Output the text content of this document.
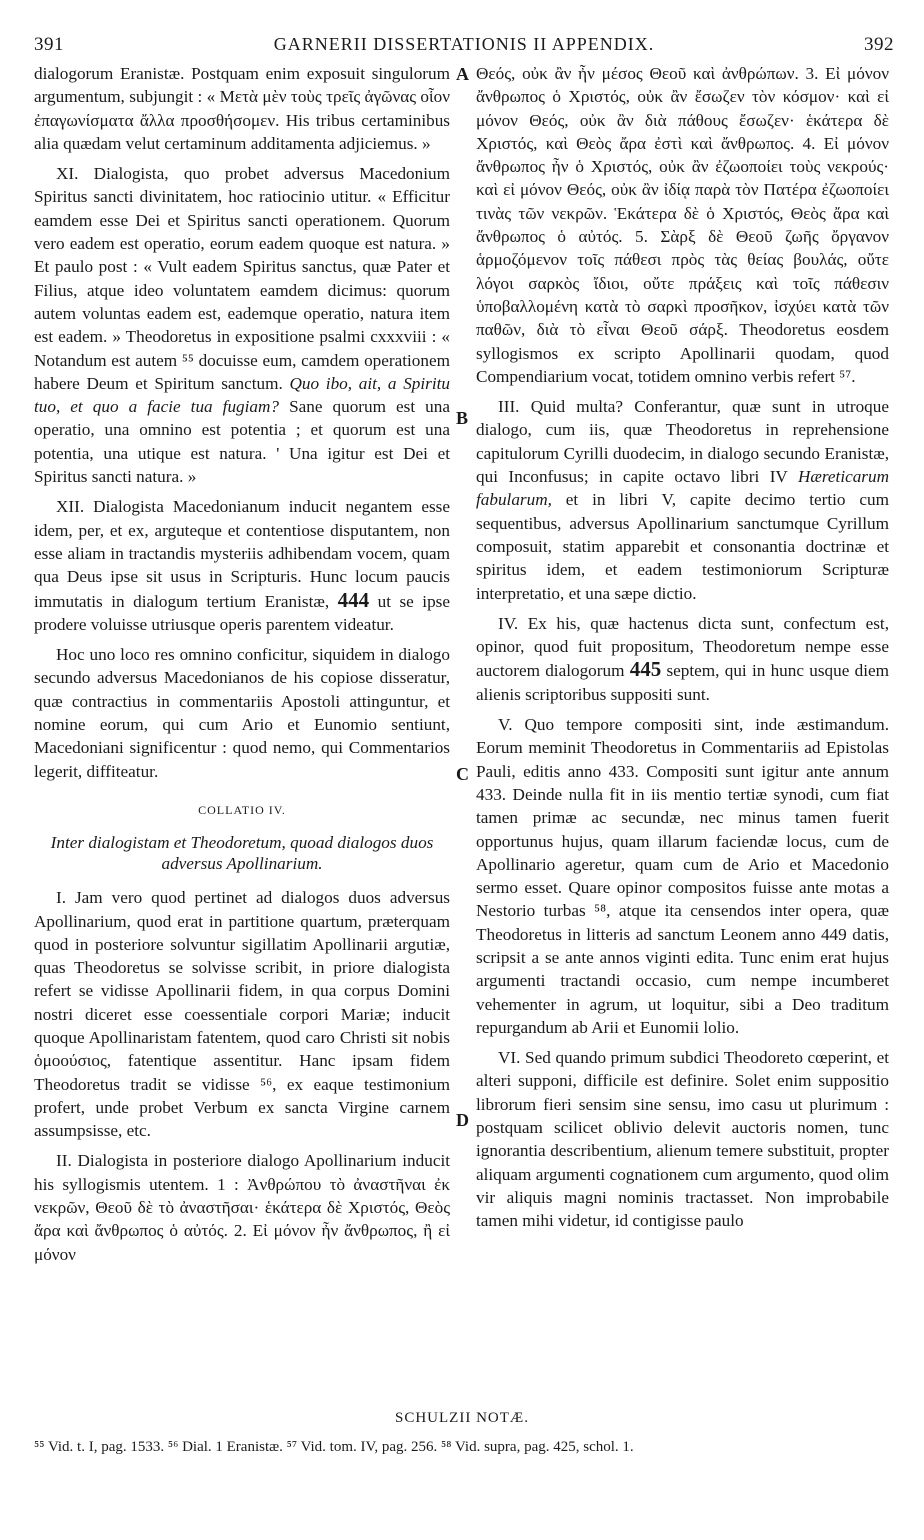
391	GARNERII DISSERTATIONIS II APPENDIX.	392
A
B
C
D

dialogorum Eranistæ. Postquam enim exposuit singulorum argumentum, subjungit : « Μετὰ μὲν τοὺς τρεῖς ἀγῶνας οἷον ἐπαγωνίσματα ἄλλα προσθήσομεν. His tribus certaminibus alia quædam velut certaminum additamenta adjiciemus. »

XI. Dialogista, quo probet adversus Macedonium Spiritus sancti divinitatem, hoc ratiocinio utitur. « Efficitur eamdem esse Dei et Spiritus sancti operationem. Quorum vero eadem est operatio, eorum eadem quoque est natura. » Et paulo post : « Vult eadem Spiritus sanctus, quæ Pater et Filius, atque ideo voluntatem eamdem dicimus: quorum autem voluntas eadem est, eademque operatio, natura item est eadem. » Theodoretus in expositione psalmi cxxxviii : « Notandum est autem ⁵⁵ docuisse eum, camdem operationem habere Deum et Spiritum sanctum. Quo ibo, ait, a Spiritu tuo, et quo a facie tua fugiam? Sane quorum est una operatio, una omnino est potentia ; et quorum est una potentia, una utique est natura. ' Una igitur est Dei et Spiritus sancti natura. »

XII. Dialogista Macedonianum inducit negantem esse idem, per, et ex, arguteque et contentiose disputantem, non esse aliam in tractandis mysteriis adhibendam vocem, quam qua Deus ipse sit usus in Scripturis. Hunc locum paucis immutatis in dialogum tertium Eranistæ, 444 ut se ipse prodere voluisse utriusque operis parentem videatur.

Hoc uno loco res omnino conficitur, siquidem in dialogo secundo adversus Macedonianos de his copiose disseratur, quæ contractius in commentariis Apostoli attinguntur, et nomine eorum, qui cum Ario et Eunomio sentiunt, Macedoniani significentur : quod nemo, qui Commentarios legerit, diffiteatur.

COLLATIO IV.
Inter dialogistam et Theodoretum, quoad dialogos duos adversus Apollinarium.

I. Jam vero quod pertinet ad dialogos duos adversus Apollinarium, quod erat in partitione quartum, præterquam quod in posteriore solvuntur sigillatim Apollinarii argutiæ, quas Theodoretus se solvisse scribit, in priore dialogista refert se vidisse Apollinarii fidem, in qua corpus Domini nostri diceret esse coessentiale corpori Mariæ; inducit quoque Apollinaristam fatentem, quod caro Christi sit nobis ὁμοούσιος, fatentique assentitur. Hanc ipsam fidem Theodoretus tradit se vidisse ⁵⁶, ex eaque testimonium profert, unde probet Verbum ex sancta Virgine carnem assumpsisse, etc.

II. Dialogista in posteriore dialogo Apollinarium inducit his syllogismis utentem. 1 : Ἀνθρώπου τὸ ἀναστῆναι ἐκ νεκρῶν, Θεοῦ δὲ τὸ ἀναστῆσαι· ἑκάτερα δὲ Χριστός, Θεὸς ἄρα καὶ ἄνθρωπος ὁ αὐτός. 2. Εἰ μόνον ἦν ἄνθρωπος, ἢ εἰ μόνον

Θεός, οὐκ ἂν ἦν μέσος Θεοῦ καὶ ἀνθρώπων. 3. Εἰ μόνον ἄνθρωπος ὁ Χριστός, οὐκ ἂν ἔσωζεν τὸν κόσμον· καὶ εἰ μόνον Θεός, οὐκ ἂν διὰ πάθους ἔσωζεν· ἑκάτερα δὲ Χριστός, καὶ Θεὸς ἄρα ἐστὶ καὶ ἄνθρωπος. 4. Εἰ μόνον ἄνθρωπος ἦν ὁ Χριστός, οὐκ ἂν ἐζωοποίει τοὺς νεκρούς· καὶ εἰ μόνον Θεός, οὐκ ἂν ἰδίᾳ παρὰ τὸν Πατέρα ἐζωοποίει τινὰς τῶν νεκρῶν. Ἑκάτερα δὲ ὁ Χριστός, Θεὸς ἄρα καὶ ἄνθρωπος ὁ αὐτός. 5. Σὰρξ δὲ Θεοῦ ζωῆς ὄργανον ἁρμοζόμενον τοῖς πάθεσι πρὸς τὰς θείας βουλάς, οὔτε λόγοι σαρκὸς ἴδιοι, οὔτε πράξεις καὶ τοῖς πάθεσιν ὑποβαλλομένη κατὰ τὸ σαρκὶ προσῆκον, ἰσχύει κατὰ τῶν παθῶν, διὰ τὸ εἶναι Θεοῦ σάρξ. Theodoretus eosdem syllogismos ex scripto Apollinarii quodam, quod Compendiarium vocat, totidem omnino verbis refert ⁵⁷.

III. Quid multa? Conferantur, quæ sunt in utroque dialogo, cum iis, quæ Theodoretus in reprehensione capitulorum Cyrilli duodecim, in dialogo secundo Eranistæ, qui Inconfusus; in capite octavo libri IV Hæreticarum fabularum, et in libri V, capite decimo tertio cum sequentibus, adversus Apollinarium sanctumque Cyrillum composuit, statim apparebit et consonantia doctrinæ et spiritus idem, et eadem testimoniorum Scripturæ interpretatio, et una sæpe dictio.

IV. Ex his, quæ hactenus dicta sunt, confectum est, opinor, quod fuit propositum, Theodoretum nempe esse auctorem dialogorum 445 septem, qui in hunc usque diem alienis scriptoribus suppositi sunt.

V. Quo tempore compositi sint, inde æstimandum. Eorum meminit Theodoretus in Commentariis ad Epistolas Pauli, editis anno 433. Compositi sunt igitur ante annum 433. Deinde nulla fit in iis mentio tertiæ synodi, cum fiat tamen primæ ac secundæ, nec minus tamen fuerit opportunus hujus, quam illarum faciendæ locus, cum de Apollinario ageretur, quam cum de Ario et Macedonio sermo esset. Quare opinor compositos fuisse ante motas a Nestorio turbas ⁵⁸, atque ita censendos inter opera, quæ Theodoretus in litteris ad sanctum Leonem anno 449 datis, scripsit a se ante annos viginti edita. Tunc enim erat hujus argumenti tractandi occasio, cum nempe incumberet vehementer in agrum, ut loquitur, sibi a Deo traditum repurgandum ab Arii et Eunomii lolio.

VI. Sed quando primum subdici Theodoreto cœperint, et alteri supponi, difficile est definire. Solet enim suppositio librorum fieri sensim sine sensu, imo casu ut plurimum : postquam scilicet oblivio delevit auctoris nomen, tunc ignorantia describentium, alienum temere substituit, propter aliquam argumenti cognationem cum argumento, quod olim vir aliquis magni nominis tractasset. Non improbabile tamen mihi videtur, id contigisse paulo

SCHULZII NOTÆ.
⁵⁵ Vid. t. I, pag. 1533. ⁵⁶ Dial. 1 Eranistæ. ⁵⁷ Vid. tom. IV, pag. 256. ⁵⁸ Vid. supra, pag. 425, schol. 1.
